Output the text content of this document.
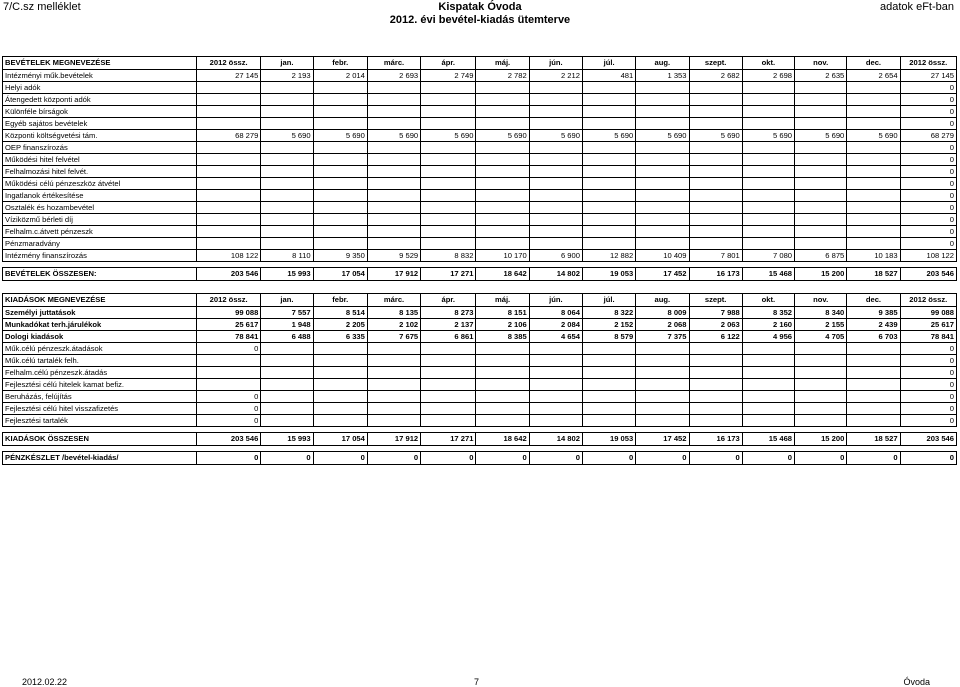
7/C.sz melléklet	Kispatak Óvoda
2012. évi bevétel-kiadás ütemterve
adatok eFt-ban
BEVÉTELEK MEGNEVEZÉSE	2012 össz.	jan.	febr.	márc.	ápr.	máj.	jún.	júl.	aug.	szept.	okt.	nov.	dec.	2012 össz.
Intézményi műk.bevételek	27 145	2 193	2 014	2 693	2 749	2 782	2 212	481	1 353	2 682	2 698	2 635	2 654	27 145
Helyi adók														0
Átengedett központi adók														0
Különféle bírságok														0
Egyéb sajátos bevételek														0
Központi költségvetési tám.	68 279	5 690	5 690	5 690	5 690	5 690	5 690	5 690	5 690	5 690	5 690	5 690	5 690	68 279
OEP finanszírozás														0
Működési hitel felvétel														0
Felhalmozási hitel felvét.														0
Működési célú pénzeszköz átvétel														0
Ingatlanok értékesítése														0
Osztalék és hozambevétel														0
Víziközmű bérleti díj														0
Felhalm.c.átvett pénzeszk														0
Pénzmaradvány														0
Intézmény finanszírozás	108 122	8 110	9 350	9 529	8 832	10 170	6 900	12 882	10 409	7 801	7 080	6 875	10 183	108 122

BEVÉTELEK ÖSSZESEN:	203 546	15 993	17 054	17 912	17 271	18 642	14 802	19 053	17 452	16 173	15 468	15 200	18 527	203 546
KIADÁSOK MEGNEVEZÉSE	2012 össz.	jan.	febr.	márc.	ápr.	máj.	jún.	júl.	aug.	szept.	okt.	nov.	dec.	2012 össz.
Személyi juttatások	99 088	7 557	8 514	8 135	8 273	8 151	8 064	8 322	8 009	7 988	8 352	8 340	9 385	99 088
Munkadókat terh.járulékok	25 617	1 948	2 205	2 102	2 137	2 106	2 084	2 152	2 068	2 063	2 160	2 155	2 439	25 617
Dologi kiadások	78 841	6 488	6 335	7 675	6 861	8 385	4 654	8 579	7 375	6 122	4 956	4 705	6 703	78 841
Műk.célú pénzeszk.átadások	0													0
Műk.célú tartalék felh.														0
Felhalm.célú pénzeszk.átadás														0
Fejlesztési célú hitelek kamat befiz.														0
Beruházás, felújítás	0													0
Fejlesztési célú hitel visszafizetés	0													0
Fejlesztési tartalék	0													0

KIADÁSOK ÖSSZESEN	203 546	15 993	17 054	17 912	17 271	18 642	14 802	19 053	17 452	16 173	15 468	15 200	18 527	203 546

PÉNZKÉSZLET /bevétel-kiadás/	0	0	0	0	0	0	0	0	0	0	0	0	0	0
2012.02.22	7	Óvoda
